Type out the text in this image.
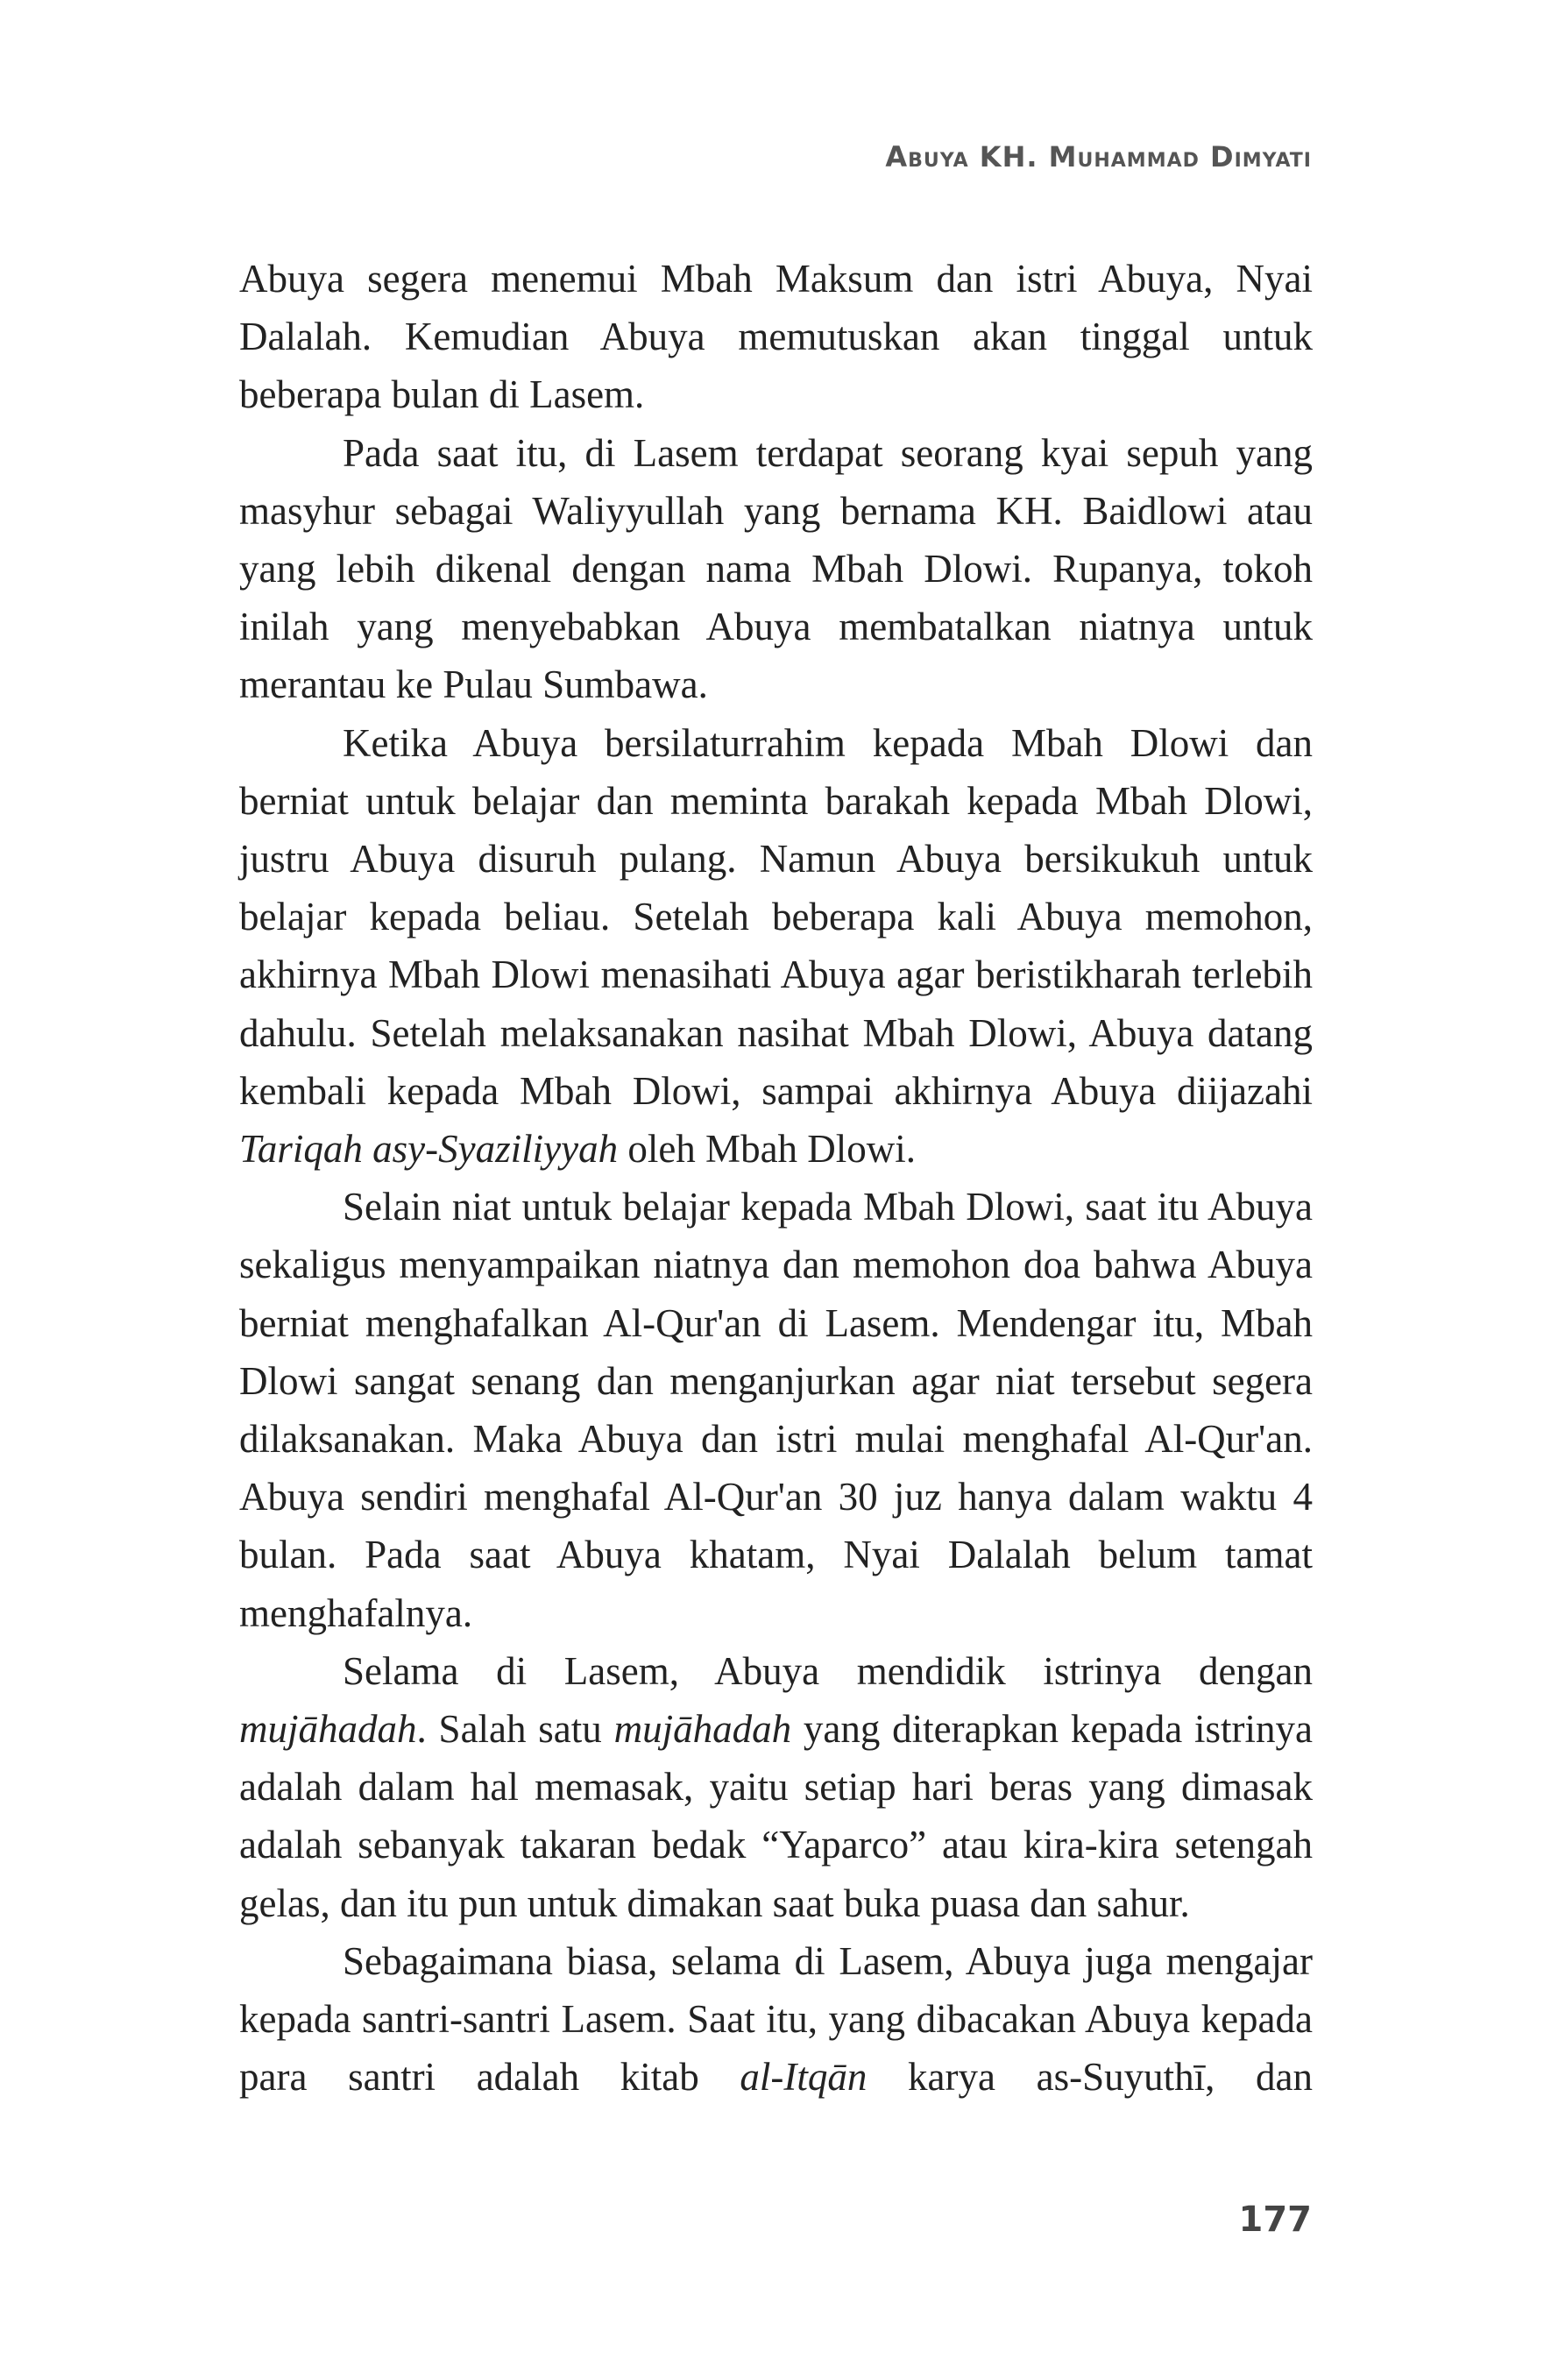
Abuya KH. Muhammad Dimyati

Abuya segera menemui Mbah Maksum dan istri Abuya, Nyai Dalalah. Kemudian Abuya memutuskan akan tinggal untuk beberapa bulan di Lasem.

Pada saat itu, di Lasem terdapat seorang kyai sepuh yang masyhur sebagai Waliyyullah yang bernama KH. Baidlowi atau yang lebih dikenal dengan nama Mbah Dlowi. Rupanya, tokoh inilah yang menyebabkan Abuya membatalkan niatnya untuk merantau ke Pulau Sumbawa.

Ketika Abuya bersilaturrahim kepada Mbah Dlowi dan berniat untuk belajar dan meminta barakah kepada Mbah Dlowi, justru Abuya disuruh pulang. Namun Abuya bersikukuh untuk belajar kepada beliau. Setelah beberapa kali Abuya memohon, akhirnya Mbah Dlowi menasihati Abuya agar beristikharah terlebih dahulu. Setelah melaksanakan nasihat Mbah Dlowi, Abuya datang kembali kepada Mbah Dlowi, sampai akhirnya Abuya diijazahi Tariqah asy-Syaziliyyah oleh Mbah Dlowi.

Selain niat untuk belajar kepada Mbah Dlowi, saat itu Abuya sekaligus menyampaikan niatnya dan memohon doa bahwa Abuya berniat menghafalkan Al-Qur'an di Lasem. Mendengar itu, Mbah Dlowi sangat senang dan menganjurkan agar niat tersebut segera dilaksanakan. Maka Abuya dan istri mulai menghafal Al-Qur'an. Abuya sendiri menghafal Al-Qur'an 30 juz hanya dalam waktu 4 bulan. Pada saat Abuya khatam, Nyai Dalalah belum tamat menghafalnya.

Selama di Lasem, Abuya mendidik istrinya dengan mujāhadah. Salah satu mujāhadah yang diterapkan kepada istrinya adalah dalam hal memasak, yaitu setiap hari beras yang dimasak adalah sebanyak takaran bedak “Yaparco” atau kira-kira setengah gelas, dan itu pun untuk dimakan saat buka puasa dan sahur.

Sebagaimana biasa, selama di Lasem, Abuya juga mengajar kepada santri-santri Lasem. Saat itu, yang dibacakan Abuya kepada para santri adalah kitab al-Itqān karya as-Suyuthī, dan

177
